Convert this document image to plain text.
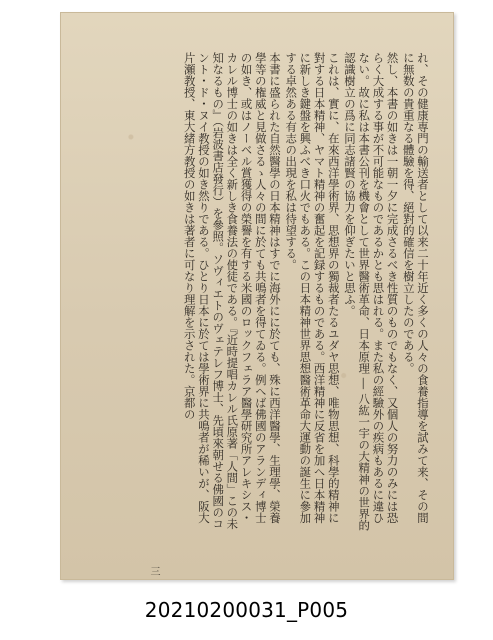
れ、その健康専門の輸送者として以来二十年近く多くの人々の食養指導を試みて来、その間に無数の貴重なる體驗を得、絕對的確信を樹立したのである。

然し、本書の如きは一朝一夕に完成さるべき性質のものでもなく、又個人の努力のみには恐らく大成する事が不可能なものであるかとも思はれる。また私の經驗外の疾病もあるに違ひない。故に私は本書公刊を機會として世界醫術革命、日本原理 ― 八紘一宇の大精神の世界的認識樹立の爲に同志諸賢の協力を仰ぎたいと思ふ。

これは、實に、在來西洋學術界、思想界の獨裁者たるユダヤ思想、唯物思想、科學的精神に對する日本精神、ヤマト精神の奮起を記録するものである。西洋精神に反省を加へ日本精神に新しき鍵盤を興ふべき口火でもある。この日本精神世界思想醫術革命大運動の誕生に參加する卓然ある有志の出現を私は待望する。

本書に盛られた自然醫學の日本精神はすでに海外にに於ても、殊に西洋醫學、生理學、榮養學等の権威と見做さるゝ人々の間に於ても共鳴者を得てゐる。例へば佛國のアランディ博士の如き、或はノーベル賞獲得の榮譽を有する米國のロックフェラア醫學研究所アレキシス・カレル博士の如きは全く新しき食養法の使徒である。『近時提唱カレル氏原著「人間」この未知なるもの』（岩波書店發行）を參照。ソヴィエトのヴェテレフ博士、先頃來朝せる佛國のコント・ド・ヌイ教授の如き然りである。ひとり日本に於ては學術界に共鳴者が稀いが、阪大片瀬教授、東大緒方教授の如きは著者に可なり理解を示された。京都の

三
20210200031_P005
